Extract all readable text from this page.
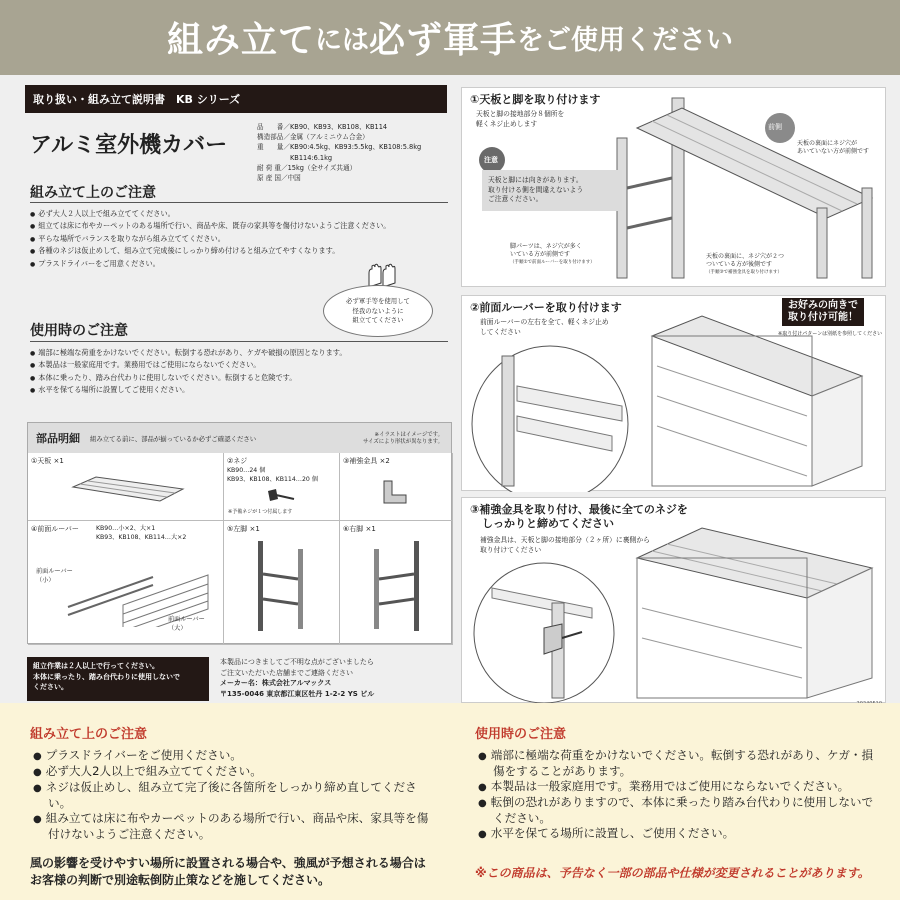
組み立て には 必ず軍手 をご使用ください
取り扱い・組み立て説明書　KB シリーズ
アルミ室外機カバー
品　　番／KB90、KB93、KB108、KB114
構造部品／金属（アルミニウム合金）
重　　量／KB90:4.5kg、KB93:5.5kg、KB108:5.8kg
　　　　　KB114:6.1kg
耐 荷 重／15kg（全サイズ共通）
原 産 国／中国
組み立て上のご注意
● 必ず大人２人以上で組み立ててください。
● 組立ては床に布やカーペットのある場所で行い、商品や床、既存の家具等を傷付けないようご注意ください。
● 平らな場所でバランスを取りながら組み立ててください。
● 各種のネジは仮止めして、組み立て完成後にしっかり締め付けると組み立てやすくなります。
● プラスドライバーをご用意ください。
必ず軍手等を使用して
怪我のないように
組立ててください
使用時のご注意
● 端部に極端な荷重をかけないでください。転倒する恐れがあり、ケガや破損の原因となります。
● 本製品は一般家庭用です。業務用ではご使用にならないでください。
● 本体に乗ったり、踏み台代わりに使用しないでください。転倒すると危険です。
● 水平を保てる場所に設置してご使用ください。
部品明細 組み立てる前に、部品が揃っているか必ずご確認ください	※イラストはイメージです。
サイズにより形状が異なります。
①天板 ×1	②ネジ
KB90…24 個
KB93、KB108、KB114…20 個
※予備ネジが１つ付属します
③補強金具 ×2
④前面ルーバー	KB90…小×2、大×1
KB93、KB108、KB114…大×2
前面ルーバー
（小）
前面ルーバー
（大）
⑤左脚 ×1	⑥右脚 ×1
組立作業は２人以上で行ってください。
本体に乗ったり、踏み台代わりに使用しないで
ください。
本製品につきましてご不明な点がございましたら
ご注文いただいた店舗までご連絡ください
メーカー名：株式会社アルマックス
〒135-0046 東京都江東区牡丹 1-2-2 YS ビル
①天板と脚を取り付けます
天板と脚の接地部分８個所を
軽くネジ止めします	前側
注意
天板と脚には向きがあります。
取り付ける側を間違えないよう
ご注意ください。
天板の裏面にネジ穴が
あいていない方が前側です
脚パーツは、ネジ穴が多く
いている方が前側です
（手順①で前面ルーバーを取り付けます）
天板の裏面に、ネジ穴が２つ
ついている方が後側です
（手順③で補強金具を取り付けます）
②前面ルーバーを取り付けます
前面ルーバーの左右を全て、軽くネジ止め
してください
お好みの向きで
取り付け可能！
※取り付けパターンは別紙を参照してください
③補強金具を取り付け、最後に全てのネジを
しっかりと締めてください
補強金具は、天板と脚の接地部分（２ヶ所）に裏側から
取り付けてください
組み立て上のご注意
● プラスドライバーをご使用ください。
● 必ず大人2人以上で組み立ててください。
● ネジは仮止めし、組み立て完了後に各箇所をしっかり締め直してください。
● 組み立ては床に布やカーペットのある場所で行い、商品や床、家具等を傷付けないようご注意ください。
風の影響を受けやすい場所に設置される場合や、強風が予想される場合は
お客様の判断で別途転倒防止策などを施してください。
使用時のご注意
● 端部に極端な荷重をかけないでください。転倒する恐れがあり、ケガ・損傷をすることがあります。
● 本製品は一般家庭用です。業務用ではご使用にならないでください。
● 転倒の恐れがありますので、本体に乗ったり踏み台代わりに使用しないでください。
● 水平を保てる場所に設置し、ご使用ください。
※この商品は、予告なく一部の部品や仕様が変更されることがあります。
